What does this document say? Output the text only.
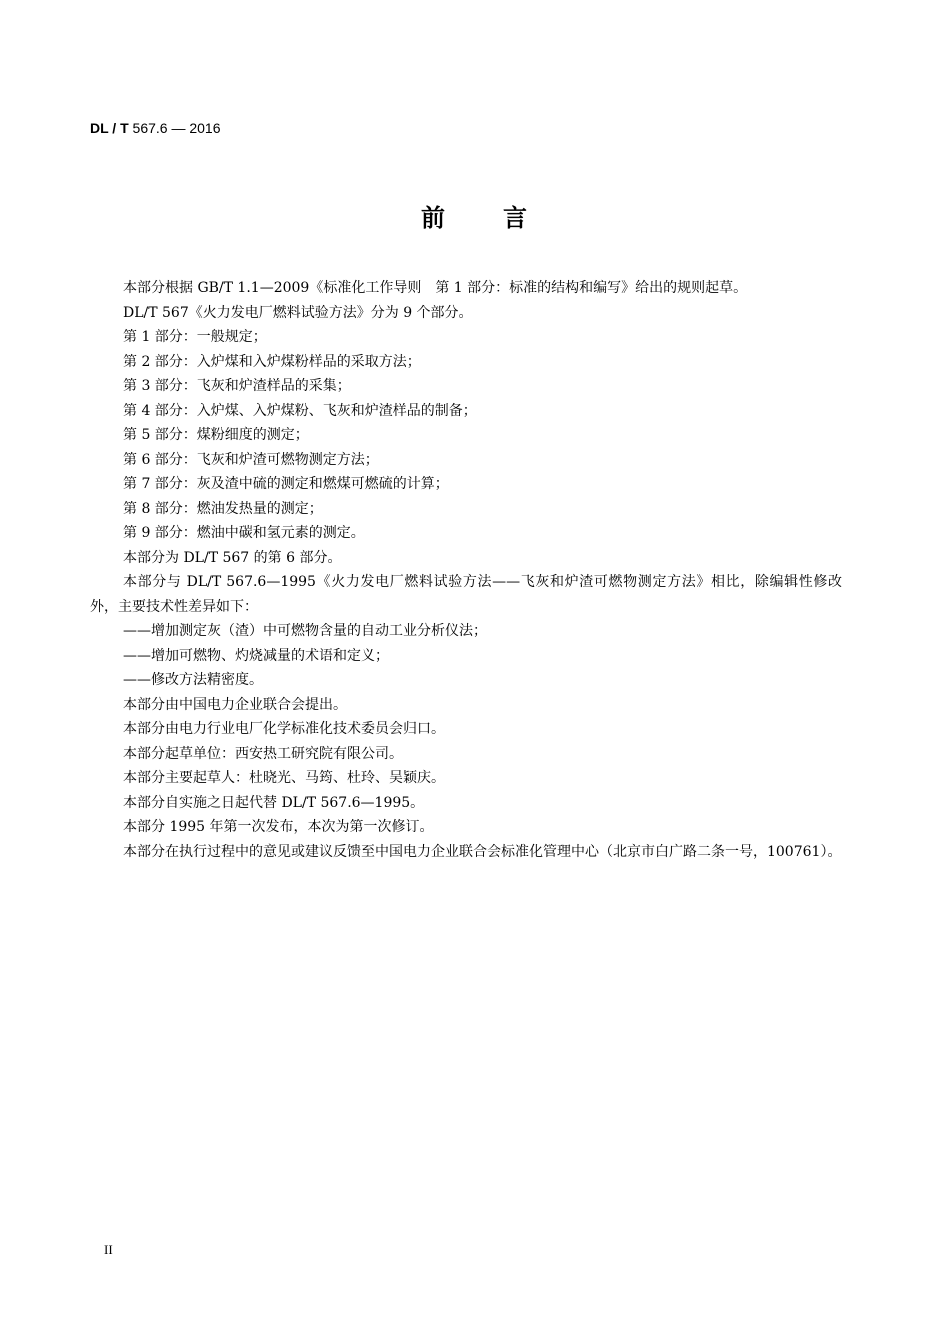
DL / T 567.6 — 2016
前 言

本部分根据 GB/T 1.1—2009《标准化工作导则　第 1 部分：标准的结构和编写》给出的规则起草。

DL/T 567《火力发电厂燃料试验方法》分为 9 个部分。

第 1 部分：一般规定；

第 2 部分：入炉煤和入炉煤粉样品的采取方法；

第 3 部分：飞灰和炉渣样品的采集；

第 4 部分：入炉煤、入炉煤粉、飞灰和炉渣样品的制备；

第 5 部分：煤粉细度的测定；

第 6 部分：飞灰和炉渣可燃物测定方法；

第 7 部分：灰及渣中硫的测定和燃煤可燃硫的计算；

第 8 部分：燃油发热量的测定；

第 9 部分：燃油中碳和氢元素的测定。

本部分为 DL/T 567 的第 6 部分。

本部分与 DL/T 567.6—1995《火力发电厂燃料试验方法——飞灰和炉渣可燃物测定方法》相比，除编辑性修改外，主要技术性差异如下：

——增加测定灰（渣）中可燃物含量的自动工业分析仪法；

——增加可燃物、灼烧减量的术语和定义；

——修改方法精密度。

本部分由中国电力企业联合会提出。

本部分由电力行业电厂化学标准化技术委员会归口。

本部分起草单位：西安热工研究院有限公司。

本部分主要起草人：杜晓光、马筠、杜玲、吴颖庆。

本部分自实施之日起代替 DL/T 567.6—1995。

本部分 1995 年第一次发布，本次为第一次修订。

本部分在执行过程中的意见或建议反馈至中国电力企业联合会标准化管理中心（北京市白广路二条一号，100761）。

II
